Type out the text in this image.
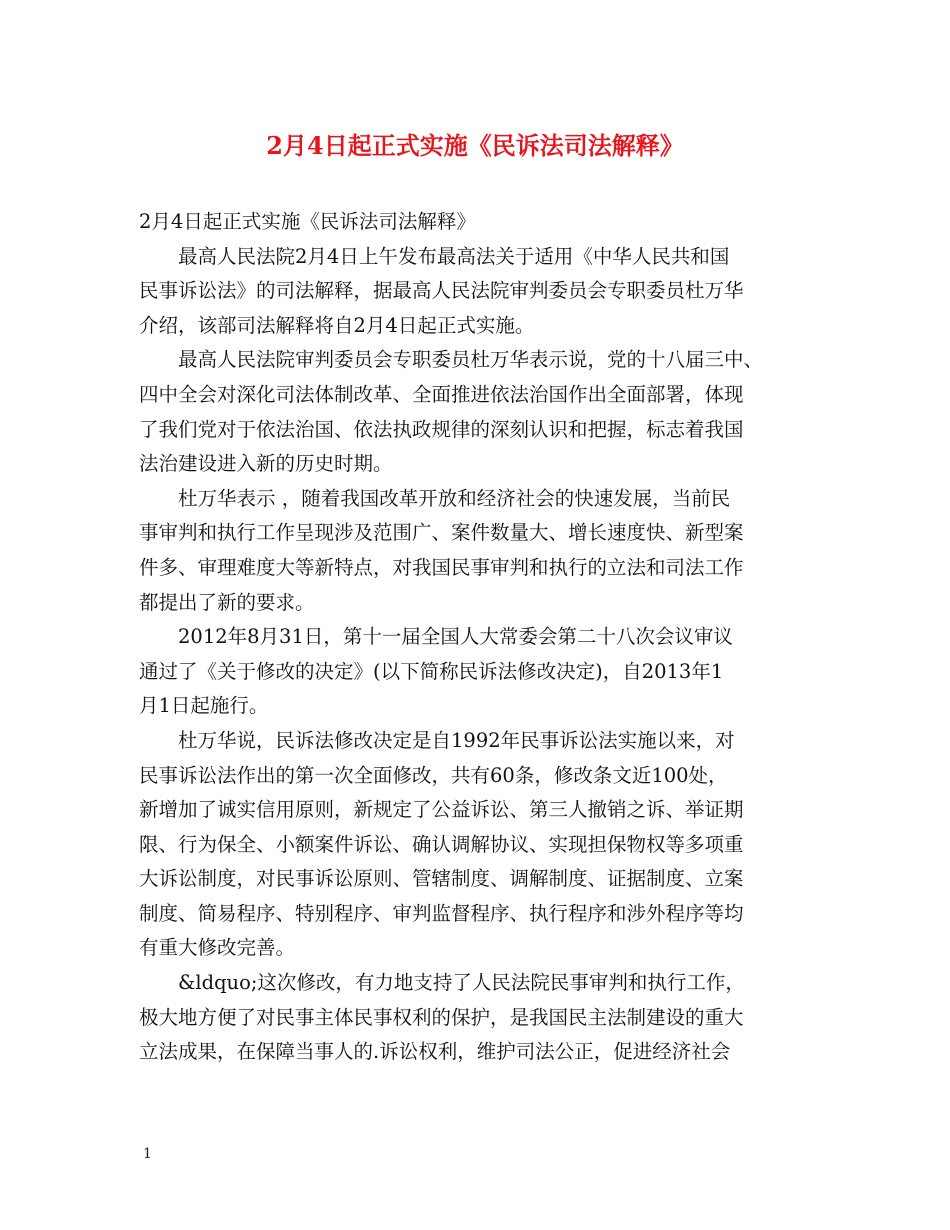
2月4日起正式实施《民诉法司法解释》

2月4日起正式实施《民诉法司法解释》

最高人民法院2月4日上午发布最高法关于适用《中华人民共和国
民事诉讼法》的司法解释，据最高人民法院审判委员会专职委员杜万华
介绍，该部司法解释将自2月4日起正式实施。

最高人民法院审判委员会专职委员杜万华表示说，党的十八届三中、
四中全会对深化司法体制改革、全面推进依法治国作出全面部署，体现
了我们党对于依法治国、依法执政规律的深刻认识和把握，标志着我国
法治建设进入新的历史时期。

杜万华表示 ，随着我国改革开放和经济社会的快速发展，当前民
事审判和执行工作呈现涉及范围广、案件数量大、增长速度快、新型案
件多、审理难度大等新特点，对我国民事审判和执行的立法和司法工作
都提出了新的要求。

2012年8月31日，第十一届全国人大常委会第二十八次会议审议
通过了《关于修改的决定》(以下简称民诉法修改决定)，自2013年1
月1日起施行。

杜万华说，民诉法修改决定是自1992年民事诉讼法实施以来，对
民事诉讼法作出的第一次全面修改，共有60条，修改条文近100处，
新增加了诚实信用原则，新规定了公益诉讼、第三人撤销之诉、举证期
限、行为保全、小额案件诉讼、确认调解协议、实现担保物权等多项重
大诉讼制度，对民事诉讼原则、管辖制度、调解制度、证据制度、立案
制度、简易程序、特别程序、审判监督程序、执行程序和涉外程序等均
有重大修改完善。

&ldquo;这次修改，有力地支持了人民法院民事审判和执行工作，
极大地方便了对民事主体民事权利的保护，是我国民主法制建设的重大
立法成果，在保障当事人的.诉讼权利，维护司法公正，促进经济社会

1
